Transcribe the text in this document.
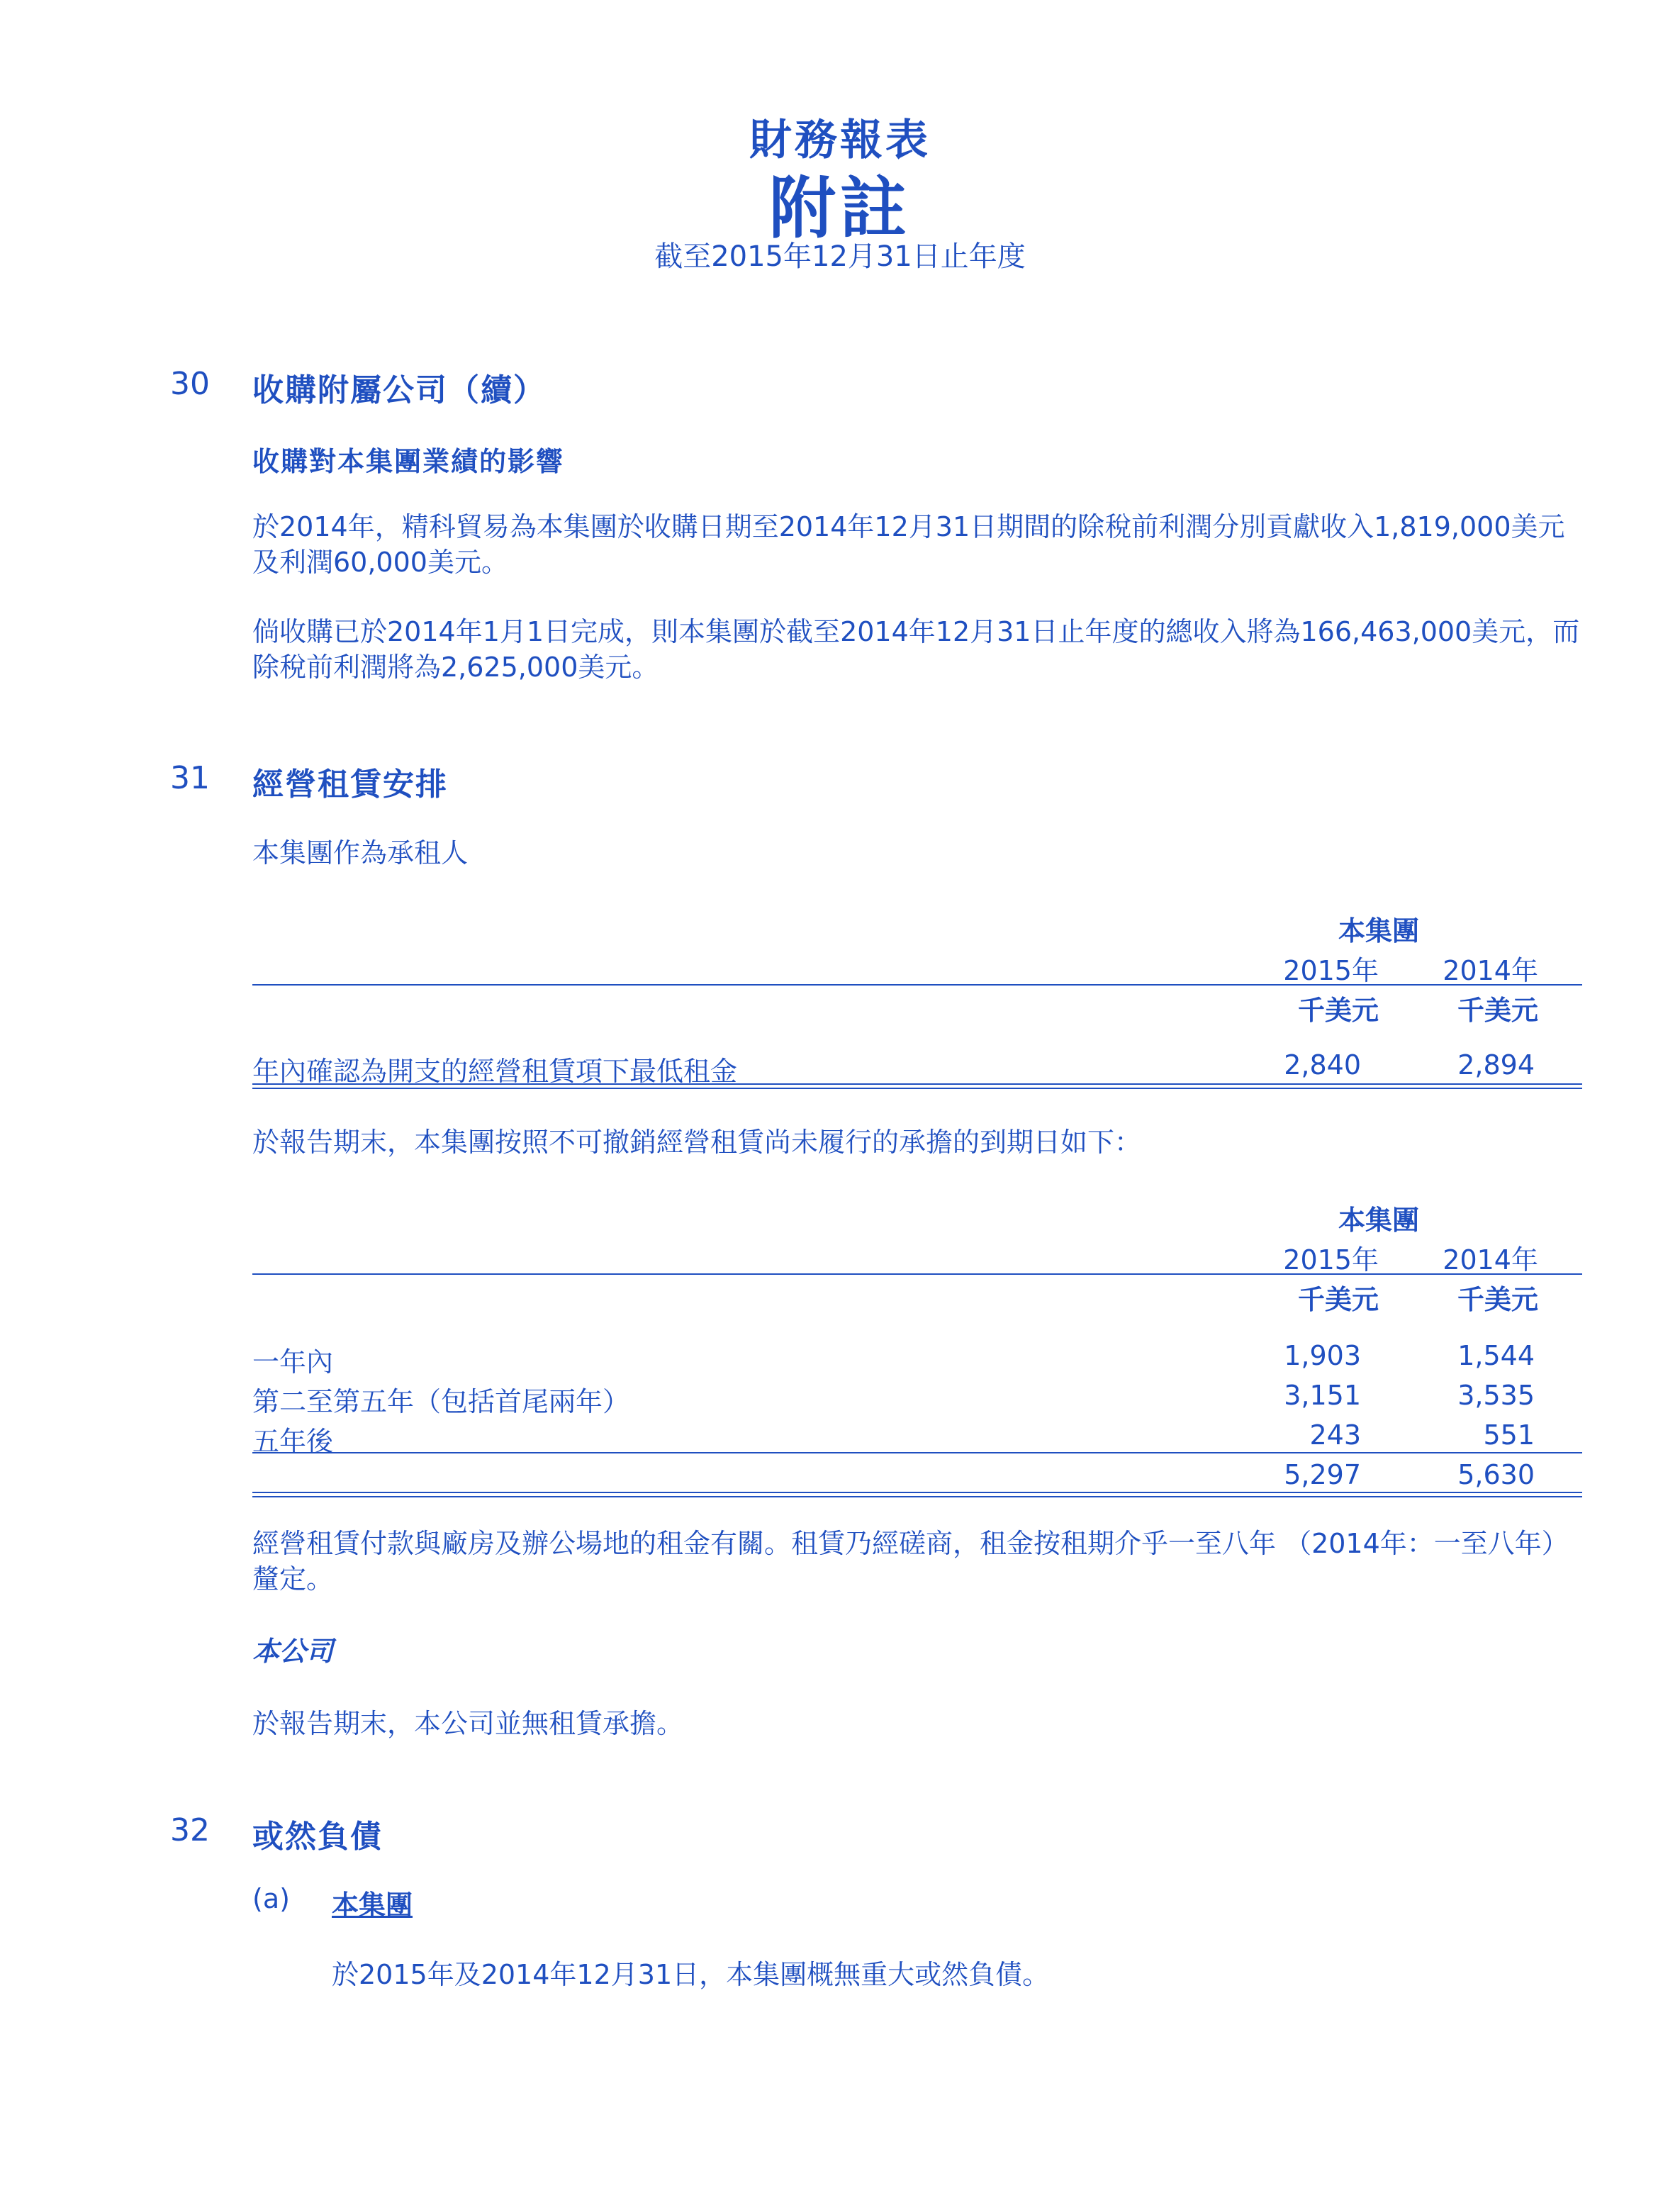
財務報表
附註
截至2015年12月31日止年度
30 收購附屬公司（續）
收購對本集團業績的影響
於2014年，精科貿易為本集團於收購日期至2014年12月31日期間的除稅前利潤分別貢獻收入1,819,000美元及利潤60,000美元。
倘收購已於2014年1月1日完成，則本集團於截至2014年12月31日止年度的總收入將為166,463,000美元，而除稅前利潤將為2,625,000美元。
31 經營租賃安排
本集團作為承租人
本集團
2015年	2014年
千美元	千美元
年內確認為開支的經營租賃項下最低租金	2,840	2,894
於報告期末，本集團按照不可撤銷經營租賃尚未履行的承擔的到期日如下：
本集團
2015年	2014年
千美元	千美元
一年內	1,903	1,544
第二至第五年（包括首尾兩年）	3,151	3,535
五年後	243	551
5,297	5,630
經營租賃付款與廠房及辦公場地的租金有關。租賃乃經磋商，租金按租期介乎一至八年 （2014年：一至八年）釐定。
本公司
於報告期末，本公司並無租賃承擔。
32 或然負債
(a) 本集團
於2015年及2014年12月31日，本集團概無重大或然負債。
